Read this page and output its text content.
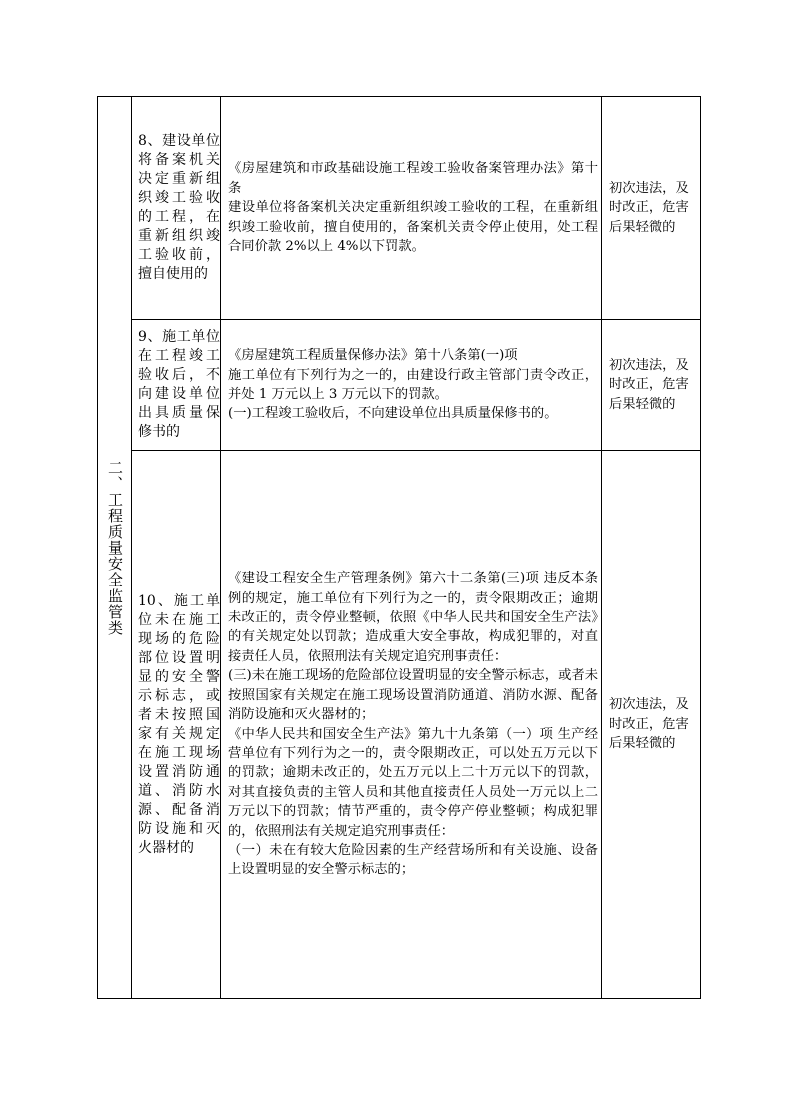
二、工程质量安全监管类	8、建设单位将备案机关决定重新组织竣工验收的工程，在重新组织竣工验收前，擅自使用的	《房屋建筑和市政基础设施工程竣工验收备案管理办法》第十条

建设单位将备案机关决定重新组织竣工验收的工程，在重新组织竣工验收前，擅自使用的，备案机关责令停止使用，处工程合同价款 2%以上 4%以下罚款。	初次违法，及时改正，危害后果轻微的

	9、施工单位在工程竣工验收后，不向建设单位出具质量保修书的	《房屋建筑工程质量保修办法》第十八条第(一)项

施工单位有下列行为之一的，由建设行政主管部门责令改正，并处 1 万元以上 3 万元以下的罚款。

(一)工程竣工验收后，不向建设单位出具质量保修书的。	初次违法，及时改正，危害后果轻微的

	10、施工单位未在施工现场的危险部位设置明显的安全警示标志，或者未按照国家有关规定在施工现场设置消防通道、消防水源、配备消防设施和灭火器材的	《建设工程安全生产管理条例》第六十二条第(三)项 违反本条例的规定，施工单位有下列行为之一的，责令限期改正；逾期未改正的，责令停业整顿，依照《中华人民共和国安全生产法》的有关规定处以罚款；造成重大安全事故，构成犯罪的，对直接责任人员，依照刑法有关规定追究刑事责任：

(三)未在施工现场的危险部位设置明显的安全警示标志，或者未按照国家有关规定在施工现场设置消防通道、消防水源、配备消防设施和灭火器材的；

《中华人民共和国安全生产法》第九十九条第（一）项 生产经营单位有下列行为之一的，责令限期改正，可以处五万元以下的罚款；逾期未改正的，处五万元以上二十万元以下的罚款，对其直接负责的主管人员和其他直接责任人员处一万元以上二万元以下的罚款；情节严重的，责令停产停业整顿；构成犯罪的，依照刑法有关规定追究刑事责任：

（一）未在有较大危险因素的生产经营场所和有关设施、设备上设置明显的安全警示标志的；	初次违法，及时改正，危害后果轻微的
